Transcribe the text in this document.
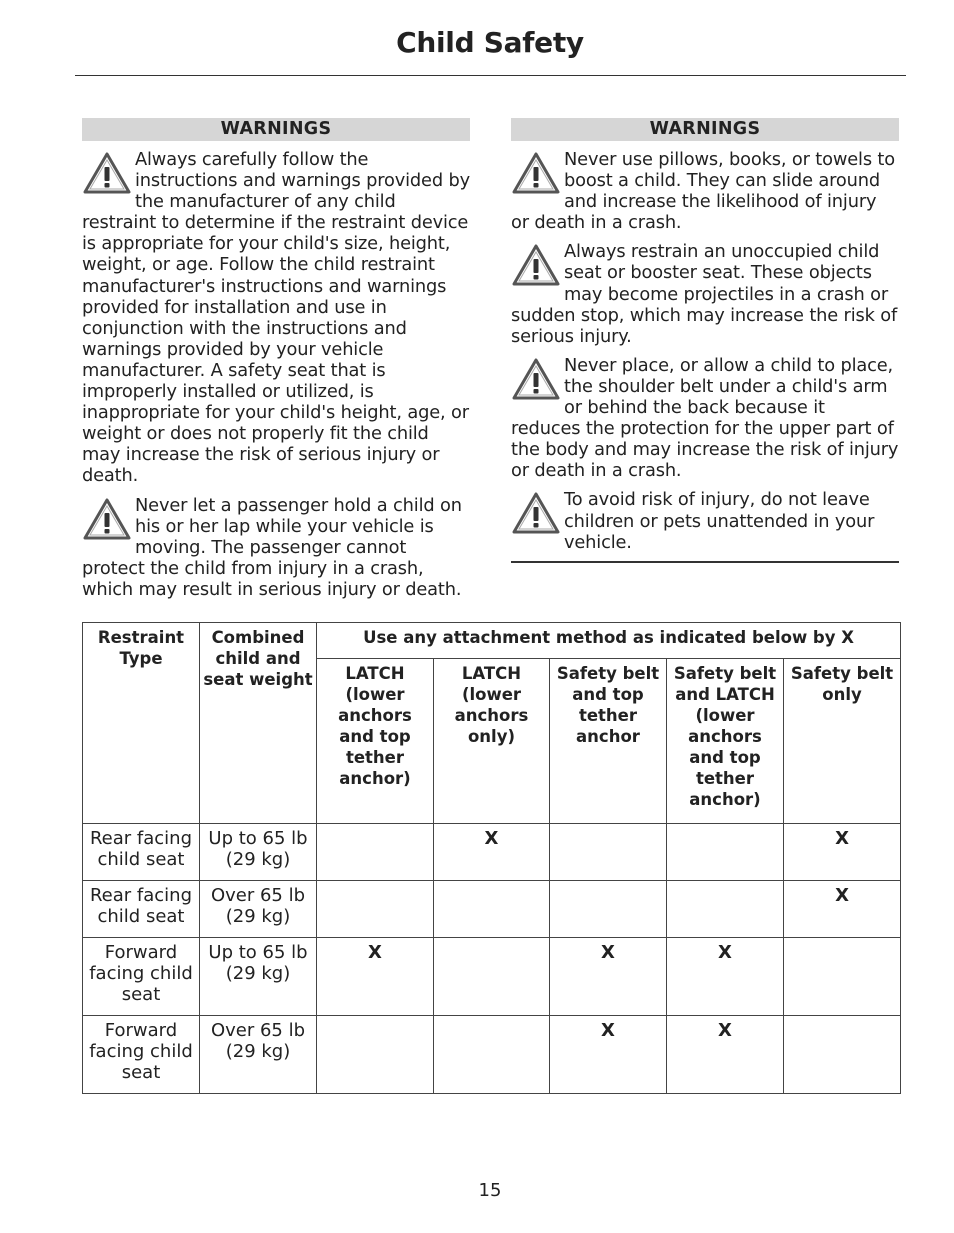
Child Safety
WARNINGS
Always carefully follow the instructions and warnings provided by the manufacturer of any child restraint to determine if the restraint device is appropriate for your child's size, height, weight, or age. Follow the child restraint manufacturer's instructions and warnings provided for installation and use in conjunction with the instructions and warnings provided by your vehicle manufacturer. A safety seat that is improperly installed or utilized, is inappropriate for your child's height, age, or weight or does not properly fit the child may increase the risk of serious injury or death.
Never let a passenger hold a child on his or her lap while your vehicle is moving. The passenger cannot protect the child from injury in a crash, which may result in serious injury or death.
WARNINGS
Never use pillows, books, or towels to boost a child. They can slide around and increase the likelihood of injury or death in a crash.
Always restrain an unoccupied child seat or booster seat. These objects may become projectiles in a crash or sudden stop, which may increase the risk of serious injury.
Never place, or allow a child to place, the shoulder belt under a child's arm or behind the back because it reduces the protection for the upper part of the body and may increase the risk of injury or death in a crash.
To avoid risk of injury, do not leave children or pets unattended in your vehicle.
Restraint Type	Combined child and seat weight	Use any attachment method as indicated below by X				
		LATCH (lower anchors and top tether anchor)	LATCH (lower anchors only)	Safety belt and top tether anchor	Safety belt and LATCH (lower anchors and top tether anchor)	Safety belt only
Rear facing child seat	Up to 65 lb (29 kg)		X			X
Rear facing child seat	Over 65 lb (29 kg)					X
Forward facing child seat	Up to 65 lb (29 kg)	X		X	X	
Forward facing child seat	Over 65 lb (29 kg)			X	X	
15
